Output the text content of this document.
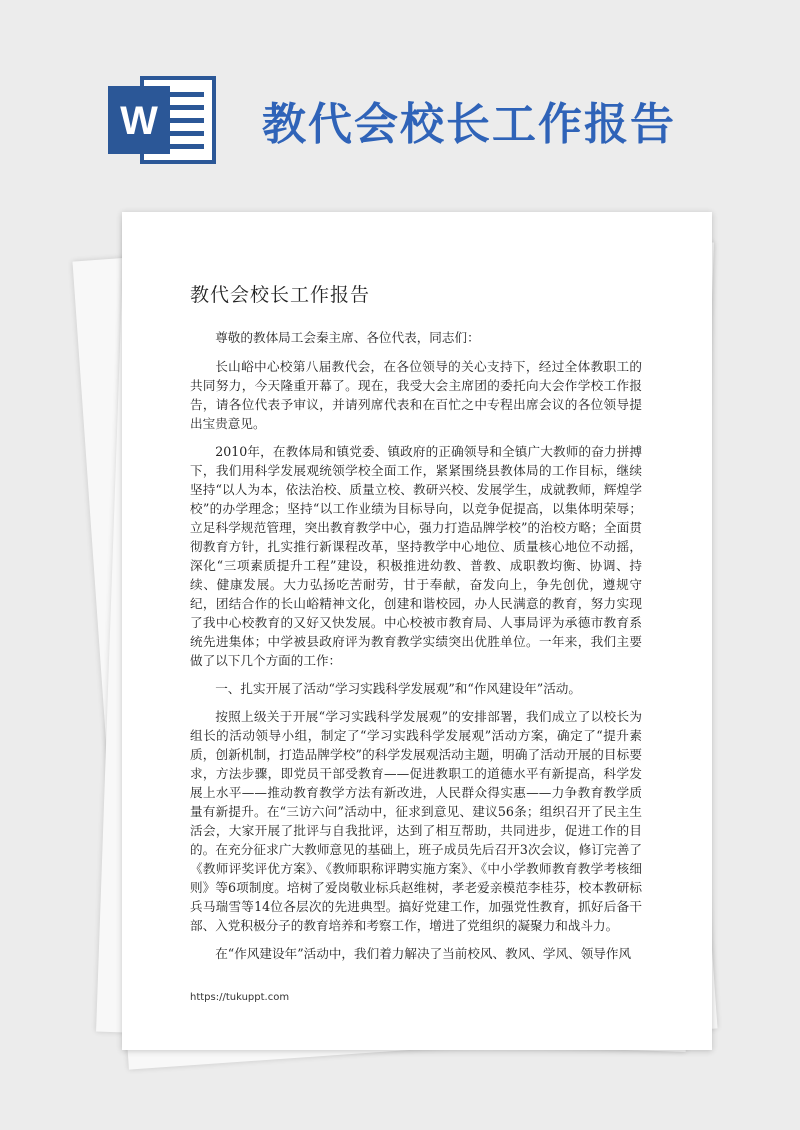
W 教代会校长工作报告
教代会校长工作报告

尊敬的教体局工会秦主席、各位代表，同志们：

长山峪中心校第八届教代会，在各位领导的关心支持下，经过全体教职工的共同努力，今天隆重开幕了。现在，我受大会主席团的委托向大会作学校工作报告，请各位代表予审议，并请列席代表和在百忙之中专程出席会议的各位领导提出宝贵意见。

2010年，在教体局和镇党委、镇政府的正确领导和全镇广大教师的奋力拼搏下，我们用科学发展观统领学校全面工作，紧紧围绕县教体局的工作目标，继续坚持“以人为本，依法治校、质量立校、教研兴校、发展学生，成就教师，辉煌学校”的办学理念；坚持“以工作业绩为目标导向，以竞争促提高，以集体明荣辱；立足科学规范管理，突出教育教学中心，强力打造品牌学校”的治校方略；全面贯彻教育方针，扎实推行新课程改革，坚持教学中心地位、质量核心地位不动摇，深化“三项素质提升工程”建设，积极推进幼教、普教、成职教均衡、协调、持续、健康发展。大力弘扬吃苦耐劳，甘于奉献，奋发向上，争先创优，遵规守纪，团结合作的长山峪精神文化，创建和谐校园，办人民满意的教育，努力实现了我中心校教育的又好又快发展。中心校被市教育局、人事局评为承德市教育系统先进集体；中学被县政府评为教育教学实绩突出优胜单位。一年来，我们主要做了以下几个方面的工作：

一、扎实开展了活动“学习实践科学发展观”和“作风建设年”活动。

按照上级关于开展“学习实践科学发展观”的安排部署，我们成立了以校长为组长的活动领导小组，制定了“学习实践科学发展观”活动方案，确定了“提升素质，创新机制，打造品牌学校”的科学发展观活动主题，明确了活动开展的目标要求，方法步骤，即党员干部受教育——促进教职工的道德水平有新提高，科学发展上水平——推动教育教学方法有新改进，人民群众得实惠——力争教育教学质量有新提升。在“三访六问”活动中，征求到意见、建议56条；组织召开了民主生活会，大家开展了批评与自我批评，达到了相互帮助，共同进步，促进工作的目的。在充分征求广大教师意见的基础上，班子成员先后召开3次会议，修订完善了《教师评奖评优方案》、《教师职称评聘实施方案》、《中小学教师教育教学考核细则》等6项制度。培树了爱岗敬业标兵赵维树，孝老爱亲模范李桂芬，校本教研标兵马瑞雪等14位各层次的先进典型。搞好党建工作，加强党性教育，抓好后备干部、入党积极分子的教育培养和考察工作，增进了党组织的凝聚力和战斗力。

在“作风建设年”活动中，我们着力解决了当前校风、教风、学风、领导作风

https://tukuppt.com
